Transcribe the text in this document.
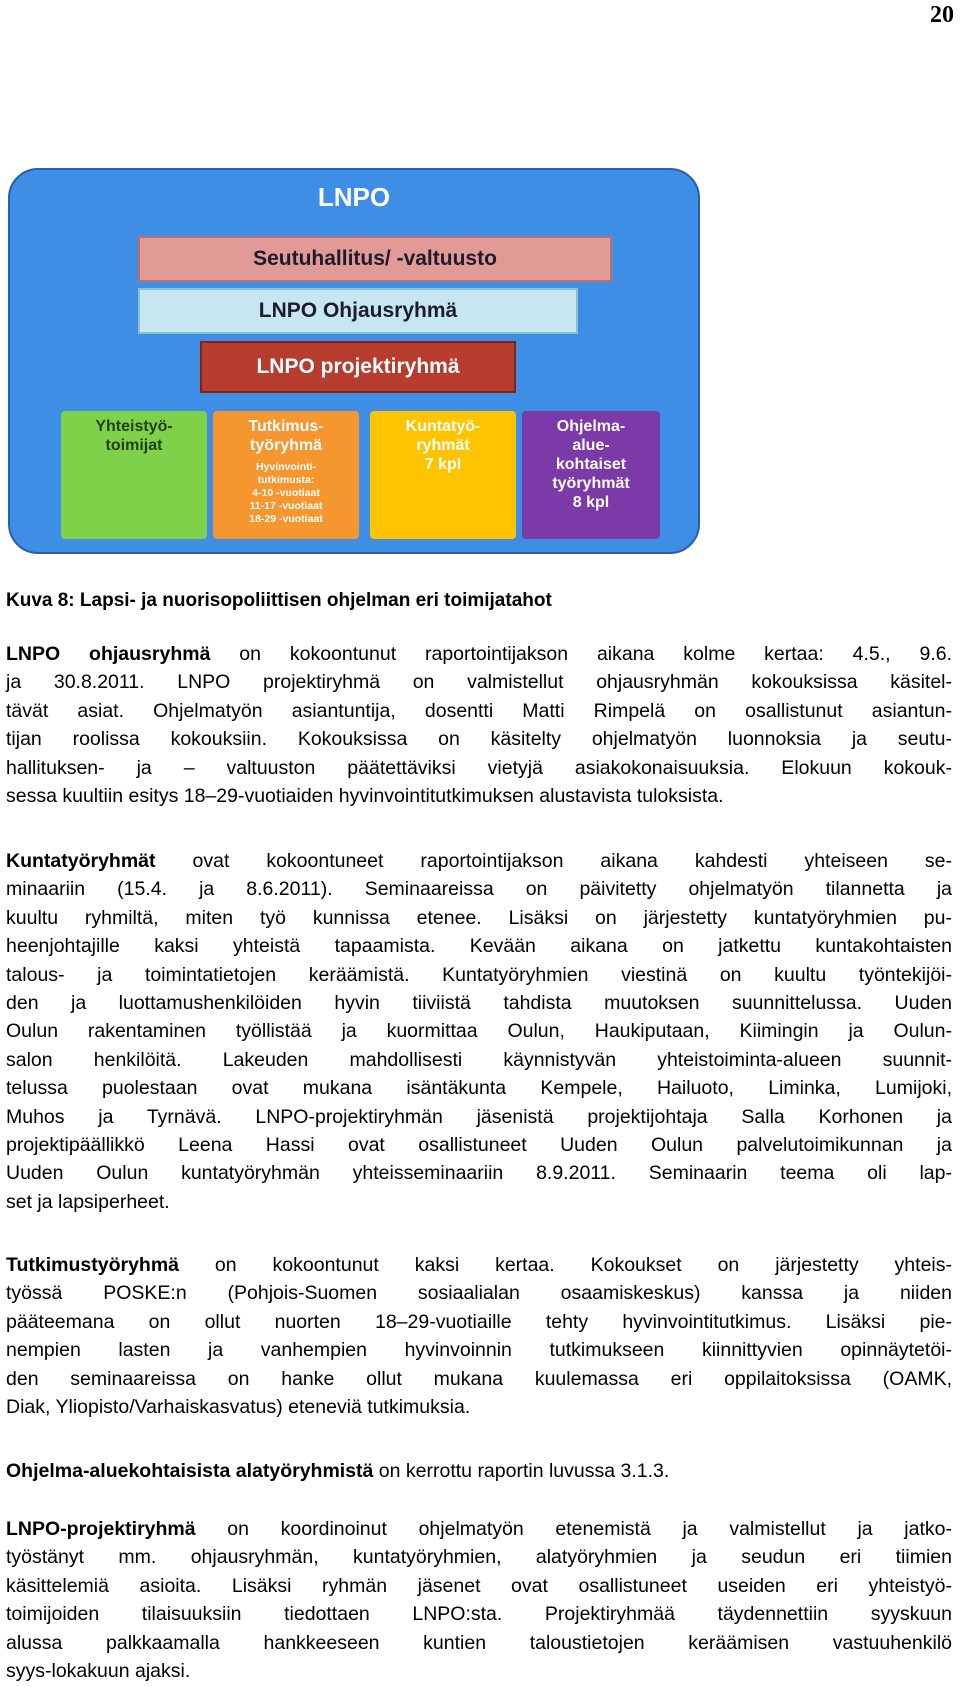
20
LNPO
Seutuhallitus/ -valtuusto
LNPO Ohjausryhmä
LNPO projektiryhmä
Yhteistyö-
toimijat
Tutkimus-
työryhmä
Hyvinvointi-
tutkimusta:
4-10 -vuotiaat
11-17 -vuotiaat
18-29 -vuotiaat
Kuntatyö-
ryhmät
7 kpl
Ohjelma-
alue-
kohtaiset
työryhmät
8 kpl
Kuva 8: Lapsi- ja nuorisopoliittisen ohjelman eri toimijatahot
LNPO ohjausryhmä on kokoontunut raportointijakson aikana kolme kertaa: 4.5., 9.6.
ja 30.8.2011. LNPO projektiryhmä on valmistellut ohjausryhmän kokouksissa käsitel-
tävät asiat. Ohjelmatyön asiantuntija, dosentti Matti Rimpelä on osallistunut asiantun-
tijan roolissa kokouksiin. Kokouksissa on käsitelty ohjelmatyön luonnoksia ja seutu-
hallituksen- ja – valtuuston päätettäviksi vietyjä asiakokonaisuuksia. Elokuun kokouk-
sessa kuultiin esitys 18–29-vuotiaiden hyvinvointitutkimuksen alustavista tuloksista.
Kuntatyöryhmät ovat kokoontuneet raportointijakson aikana kahdesti yhteiseen se-
minaariin (15.4. ja 8.6.2011). Seminaareissa on päivitetty ohjelmatyön tilannetta ja
kuultu ryhmiltä, miten työ kunnissa etenee. Lisäksi on järjestetty kuntatyöryhmien pu-
heenjohtajille kaksi yhteistä tapaamista. Kevään aikana on jatkettu kuntakohtaisten
talous- ja toimintatietojen keräämistä. Kuntatyöryhmien viestinä on kuultu työntekijöi-
den ja luottamushenkilöiden hyvin tiiviistä tahdista muutoksen suunnittelussa. Uuden
Oulun rakentaminen työllistää ja kuormittaa Oulun, Haukiputaan, Kiimingin ja Oulun-
salon henkilöitä. Lakeuden mahdollisesti käynnistyvän yhteistoiminta-alueen suunnit-
telussa puolestaan ovat mukana isäntäkunta Kempele, Hailuoto, Liminka, Lumijoki,
Muhos ja Tyrnävä. LNPO-projektiryhmän jäsenistä projektijohtaja Salla Korhonen ja
projektipäällikkö Leena Hassi ovat osallistuneet Uuden Oulun palvelutoimikunnan ja
Uuden Oulun kuntatyöryhmän yhteisseminaariin 8.9.2011. Seminaarin teema oli lap-
set ja lapsiperheet.
Tutkimustyöryhmä on kokoontunut kaksi kertaa. Kokoukset on järjestetty yhteis-
työssä POSKE:n (Pohjois-Suomen sosiaalialan osaamiskeskus) kanssa ja niiden
pääteemana on ollut nuorten 18–29-vuotiaille tehty hyvinvointitutkimus. Lisäksi pie-
nempien lasten ja vanhempien hyvinvoinnin tutkimukseen kiinnittyvien opinnäytetöi-
den seminaareissa on hanke ollut mukana kuulemassa eri oppilaitoksissa (OAMK,
Diak, Yliopisto/Varhaiskasvatus) eteneviä tutkimuksia.
Ohjelma-aluekohtaisista alatyöryhmistä on kerrottu raportin luvussa 3.1.3.
LNPO-projektiryhmä on koordinoinut ohjelmatyön etenemistä ja valmistellut ja jatko-
työstänyt mm. ohjausryhmän, kuntatyöryhmien, alatyöryhmien ja seudun eri tiimien
käsittelemiä asioita. Lisäksi ryhmän jäsenet ovat osallistuneet useiden eri yhteistyö-
toimijoiden tilaisuuksiin tiedottaen LNPO:sta. Projektiryhmää täydennettiin syyskuun
alussa palkkaamalla hankkeeseen kuntien taloustietojen keräämisen vastuuhenkilö
syys-lokakuun ajaksi.
